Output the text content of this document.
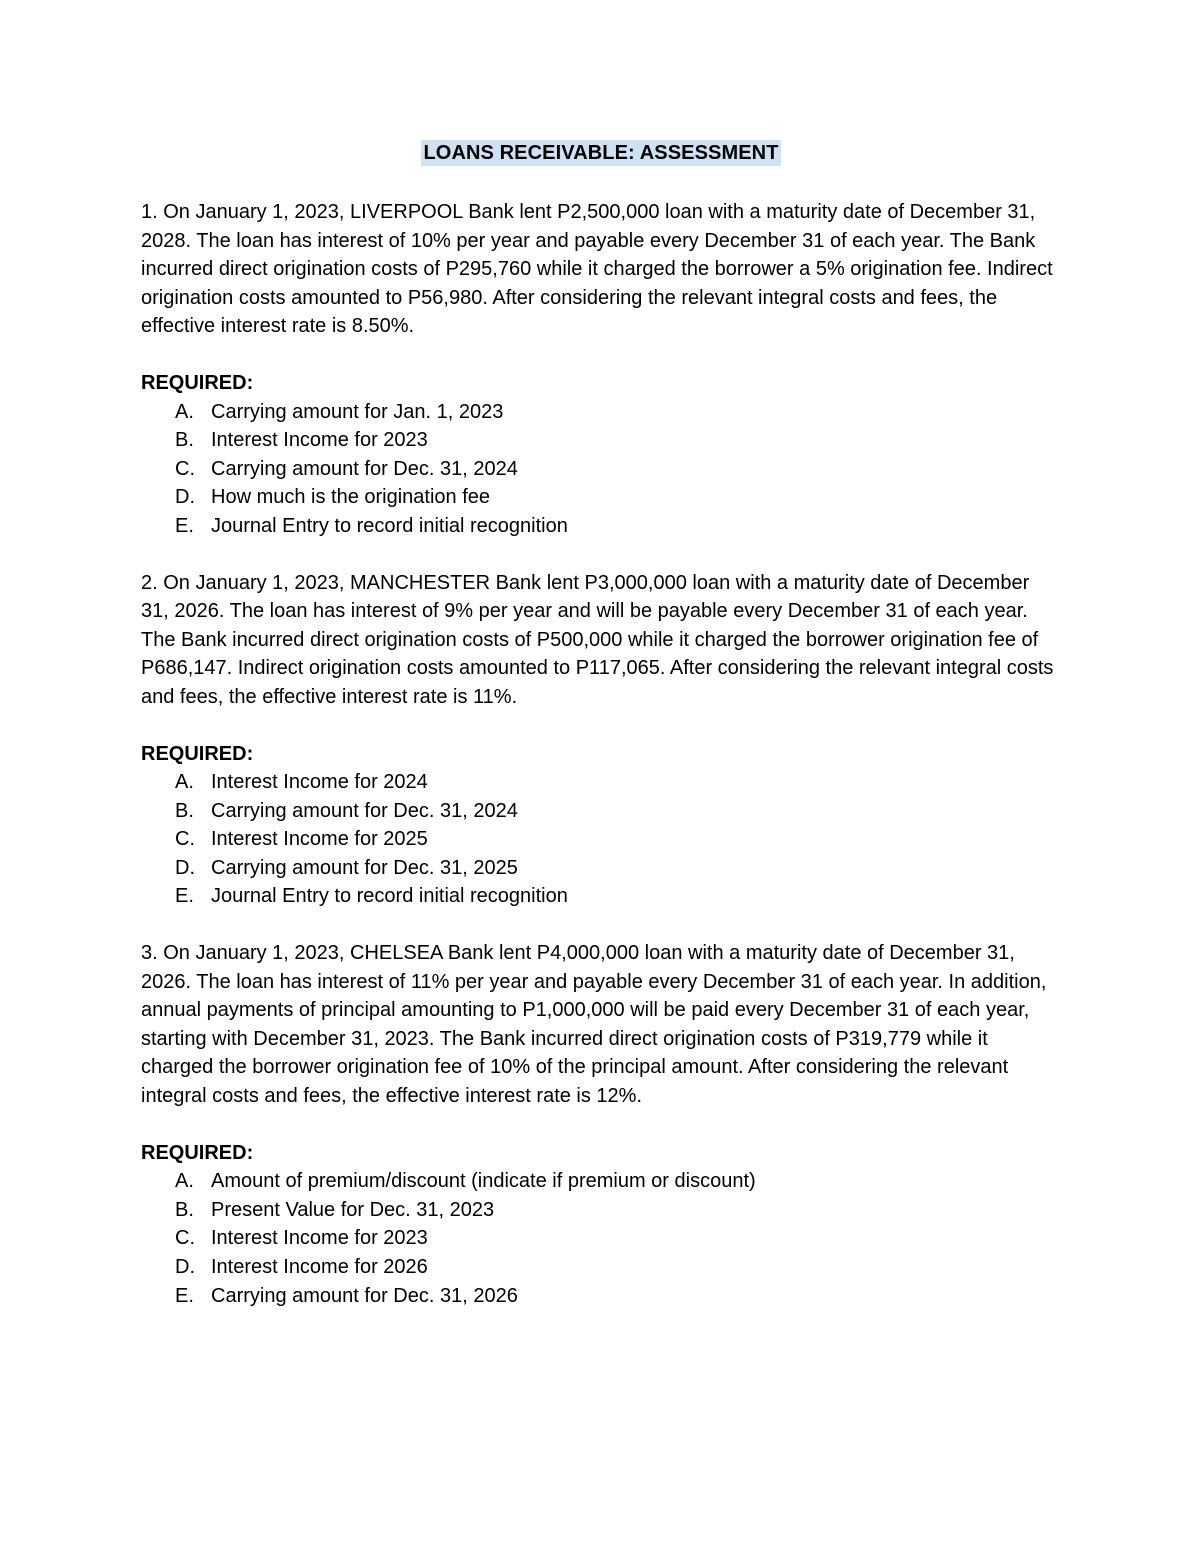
LOANS RECEIVABLE: ASSESSMENT

1. On January 1, 2023, LIVERPOOL Bank lent P2,500,000 loan with a maturity date of December 31, 2028. The loan has interest of 10% per year and payable every December 31 of each year. The Bank incurred direct origination costs of P295,760 while it charged the borrower a 5% origination fee. Indirect origination costs amounted to P56,980. After considering the relevant integral costs and fees, the effective interest rate is 8.50%.

REQUIRED:
A. Carrying amount for Jan. 1, 2023
B. Interest Income for 2023
C. Carrying amount for Dec. 31, 2024
D. How much is the origination fee
E. Journal Entry to record initial recognition

2. On January 1, 2023, MANCHESTER Bank lent P3,000,000 loan with a maturity date of December 31, 2026. The loan has interest of 9% per year and will be payable every December 31 of each year. The Bank incurred direct origination costs of P500,000 while it charged the borrower origination fee of P686,147. Indirect origination costs amounted to P117,065. After considering the relevant integral costs and fees, the effective interest rate is 11%.

REQUIRED:
A. Interest Income for 2024
B. Carrying amount for Dec. 31, 2024
C. Interest Income for 2025
D. Carrying amount for Dec. 31, 2025
E. Journal Entry to record initial recognition

3. On January 1, 2023, CHELSEA Bank lent P4,000,000 loan with a maturity date of December 31, 2026. The loan has interest of 11% per year and payable every December 31 of each year. In addition, annual payments of principal amounting to P1,000,000 will be paid every December 31 of each year, starting with December 31, 2023. The Bank incurred direct origination costs of P319,779 while it charged the borrower origination fee of 10% of the principal amount. After considering the relevant integral costs and fees, the effective interest rate is 12%.

REQUIRED:
A. Amount of premium/discount (indicate if premium or discount)
B. Present Value for Dec. 31, 2023
C. Interest Income for 2023
D. Interest Income for 2026
E. Carrying amount for Dec. 31, 2026
